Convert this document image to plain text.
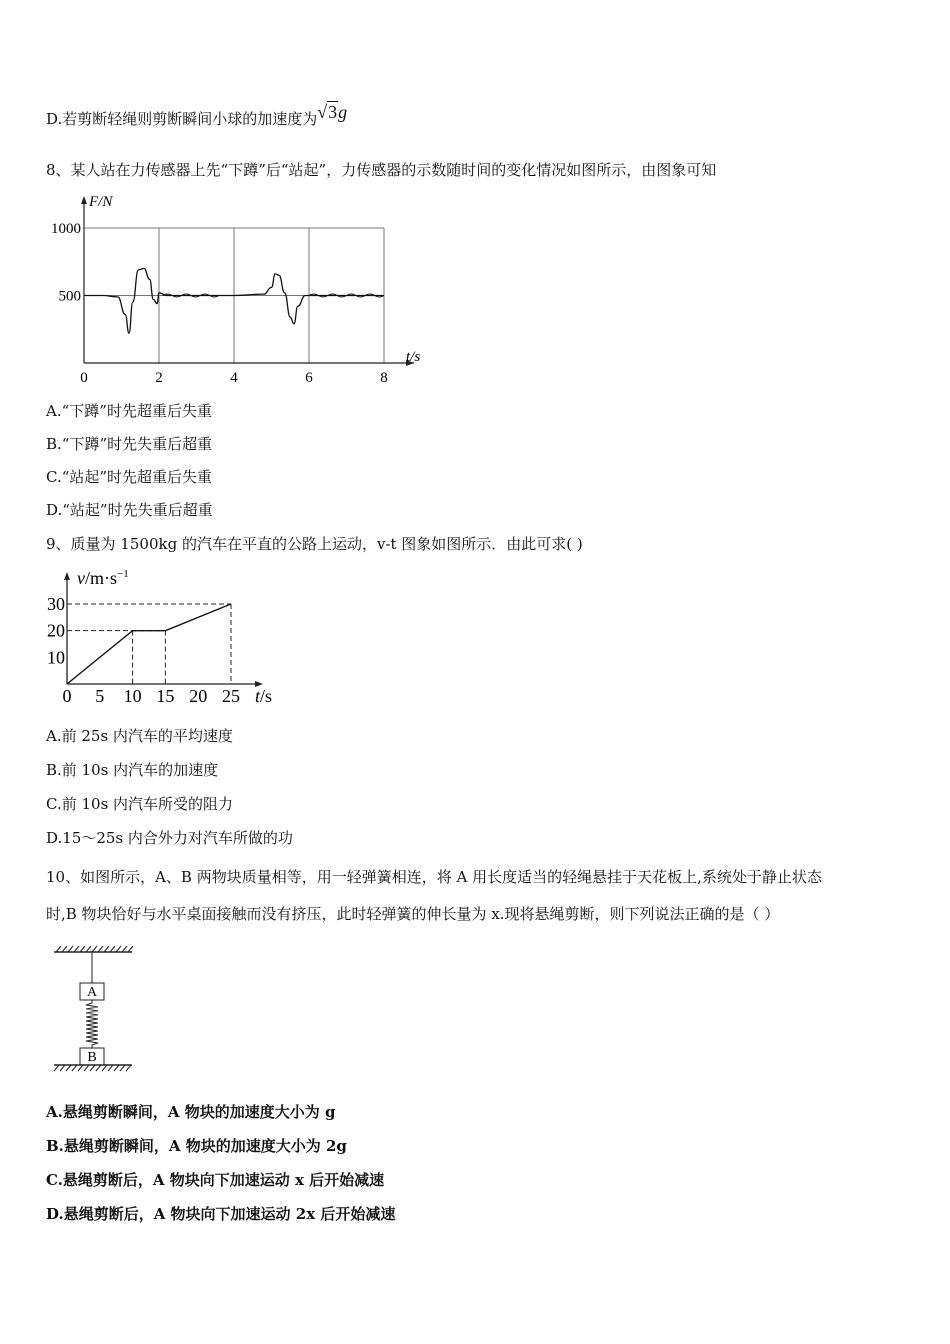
D.若剪断轻绳则剪断瞬间小球的加速度为√3g
8、某人站在力传感器上先“下蹲”后“站起”，力传感器的示数随时间的变化情况如图所示，由图象可知
0	2	4	6	8
500
1000
F/N
t/s
A.“下蹲”时先超重后失重
B.“下蹲”时先失重后超重
C.“站起”时先超重后失重
D.“站起”时先失重后超重
9、质量为 1500kg 的汽车在平直的公路上运动，v-t 图象如图所示．由此可求( )
$v/m\cdot s^{-1}$
t/s
0 5 10 15 20 25
10
20
30
A.前 25s 内汽车的平均速度
B.前 10s 内汽车的加速度
C.前 10s 内汽车所受的阻力
D.15～25s 内合外力对汽车所做的功
10、如图所示，A、B 两物块质量相等，用一轻弹簧相连，将 A 用长度适当的轻绳悬挂于天花板上,系统处于静止状态
时,B 物块恰好与水平桌面接触而没有挤压，此时轻弹簧的伸长量为 x.现将悬绳剪断，则下列说法正确的是（ ）
A
B
A.悬绳剪断瞬间，A 物块的加速度大小为 g
B.悬绳剪断瞬间，A 物块的加速度大小为 2g
C.悬绳剪断后，A 物块向下加速运动 x 后开始减速
D.悬绳剪断后，A 物块向下加速运动 2x 后开始减速
